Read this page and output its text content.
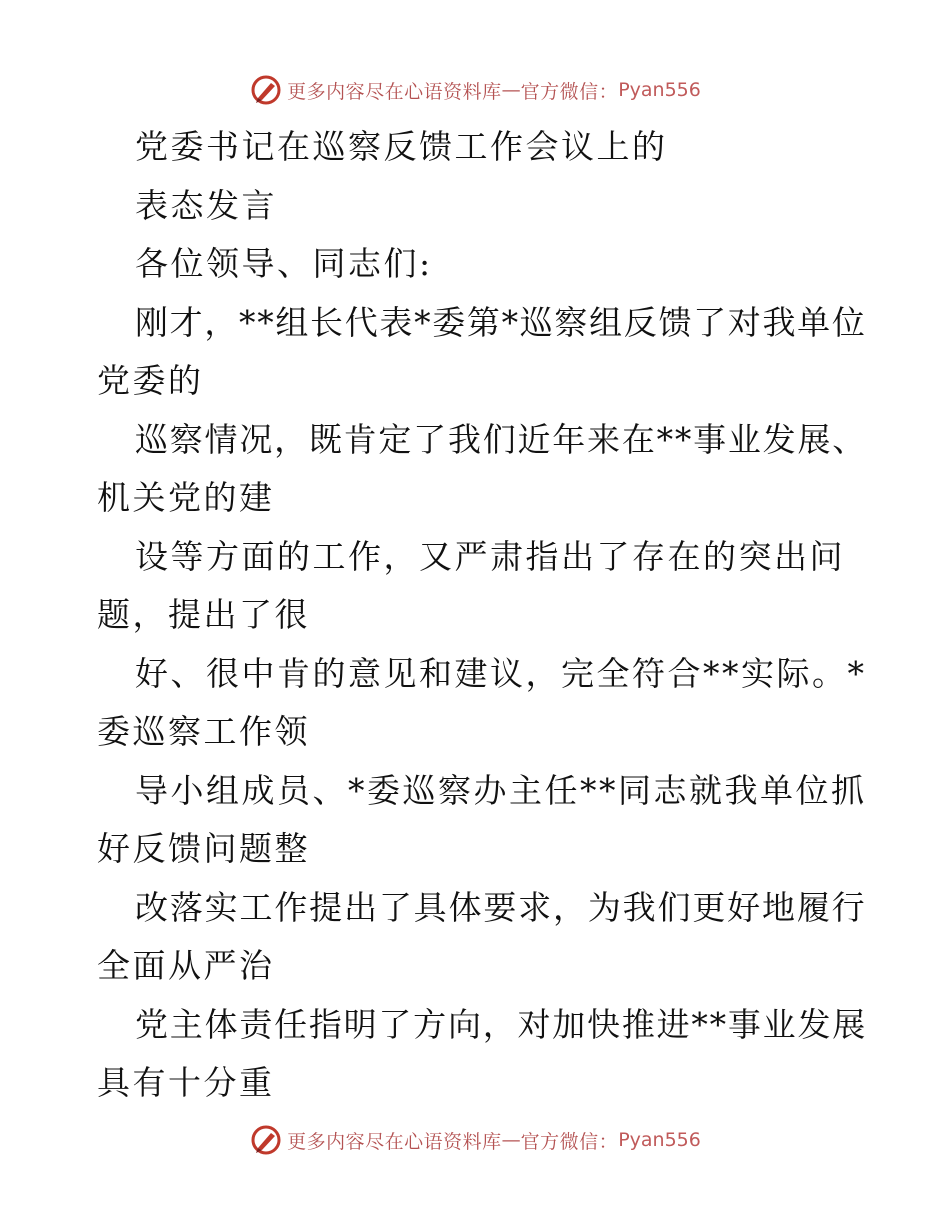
更多内容尽在心语资料库 — 官方微信： Pyan556
党委书记在巡察反馈工作会议上的
表态发言
各位领导、同志们:
刚才，**组长代表*委第*巡察组反馈了对我单位
党委的
巡察情况，既肯定了我们近年来在**事业发展、
机关党的建
设等方面的工作，又严肃指出了存在的突出问
题，提出了很
好、很中肯的意见和建议，完全符合**实际。*
委巡察工作领
导小组成员、*委巡察办主任**同志就我单位抓
好反馈问题整
改落实工作提出了具体要求，为我们更好地履行
全面从严治
党主体责任指明了方向，对加快推进**事业发展
具有十分重
更多内容尽在心语资料库 — 官方微信： Pyan556
